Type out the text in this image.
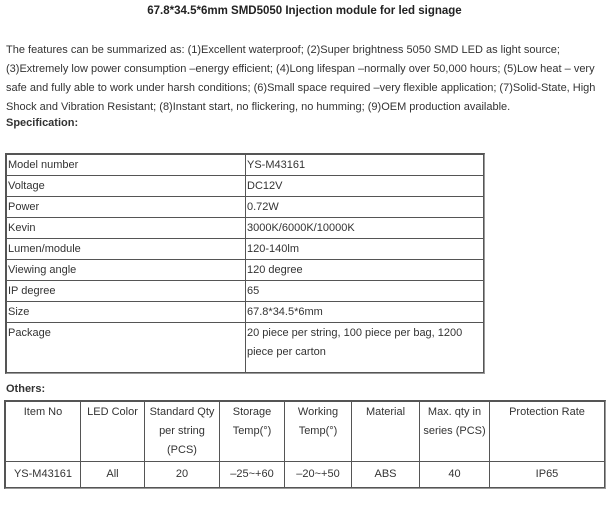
67.8*34.5*6mm SMD5050 Injection module for led signage
The features can be summarized as: (1)Excellent waterproof; (2)Super brightness 5050 SMD LED as light source; (3)Extremely low power consumption –energy efficient; (4)Long lifespan –normally over 50,000 hours; (5)Low heat – very safe and fully able to work under harsh conditions; (6)Small space required –very flexible application; (7)Solid-State, High Shock and Vibration Resistant; (8)Instant start, no flickering, no humming; (9)OEM production available.
Specification:
Model number	YS-M43161
Voltage	DC12V
Power	0.72W
Kevin	3000K/6000K/10000K
Lumen/module	120-140lm
Viewing angle	120 degree
IP degree	65
Size	67.8*34.5*6mm
Package	20 piece per string, 100 piece per bag, 1200 piece per carton
Others:
Item No	LED Color	Standard Qty per string (PCS)	Storage Temp(°)	Working Temp(°)	Material	Max. qty in series (PCS)	Protection Rate
YS-M43161	All	20	–25~+60	–20~+50	ABS	40	IP65
